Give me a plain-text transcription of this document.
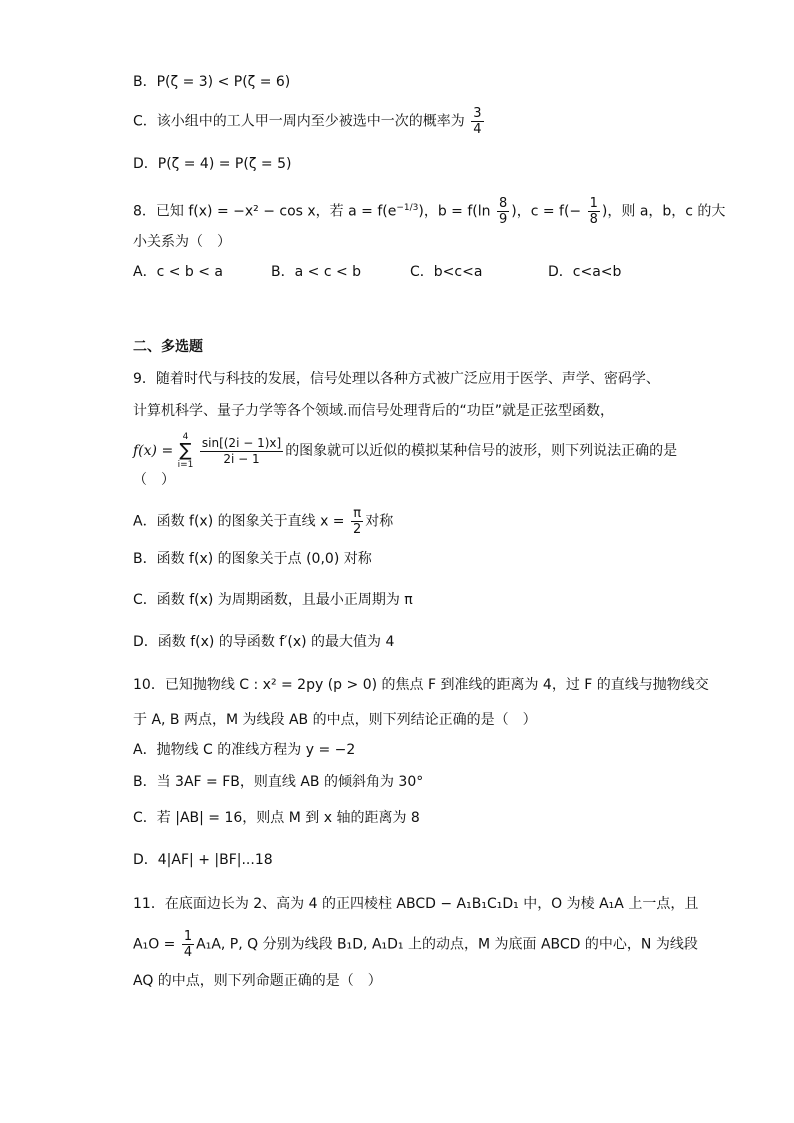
B．P(ζ = 3) < P(ζ = 6)
C．该小组中的工人甲一周内至少被选中一次的概率为 $\frac{3}{4}$
D．P(ζ = 4) = P(ζ = 5)
8．已知 f(x) = −x² − cos x，若 $a = f(e^{-1/3})$，$b = f(\ln \frac{8}{9}$ )，$c = f(- \frac{1}{8}$ )，则 a，b，c 的大
小关系为（　）
A．c < b < a	B．a < c < b	C．b<c<a	D．c<a<b
二、多选题
9．随着时代与科技的发展，信号处理以各种方式被广泛应用于医学、声学、密码学、
计算机科学、量子力学等各个领域.而信号处理背后的“功臣”就是正弦型函数，
f(x) =
4
∑
i=1
$\frac{\sin[(2i - 1)x]}{2i - 1}$ 的图象就可以近似的模拟某种信号的波形，则下列说法正确的是
（　）
A．函数 f(x) 的图象关于直线 $x = \frac{\pi}{2}$ 对称
B．函数 f(x) 的图象关于点 (0,0) 对称
C．函数 f(x) 为周期函数，且最小正周期为 π
D．函数 f(x) 的导函数 f′(x) 的最大值为 4
10．已知抛物线 C : x² = 2py (p > 0) 的焦点 F 到准线的距离为 4，过 F 的直线与抛物线交
于 A, B 两点，M 为线段 AB 的中点，则下列结论正确的是（　）
A．抛物线 C 的准线方程为 y = −2
B．当 3AF = FB，则直线 AB 的倾斜角为 30°
C．若 |AB| = 16，则点 M 到 x 轴的距离为 8
D．4|AF| + |BF|...18
11．在底面边长为 2、高为 4 的正四棱柱 ABCD − A₁B₁C₁D₁ 中，O 为棱 A₁A 上一点，且
$A_1O = \frac{1}{4} A_1A$, P, Q 分别为线段 B₁D, A₁D₁ 上的动点，M 为底面 ABCD 的中心，N 为线段
AQ 的中点，则下列命题正确的是（　）
